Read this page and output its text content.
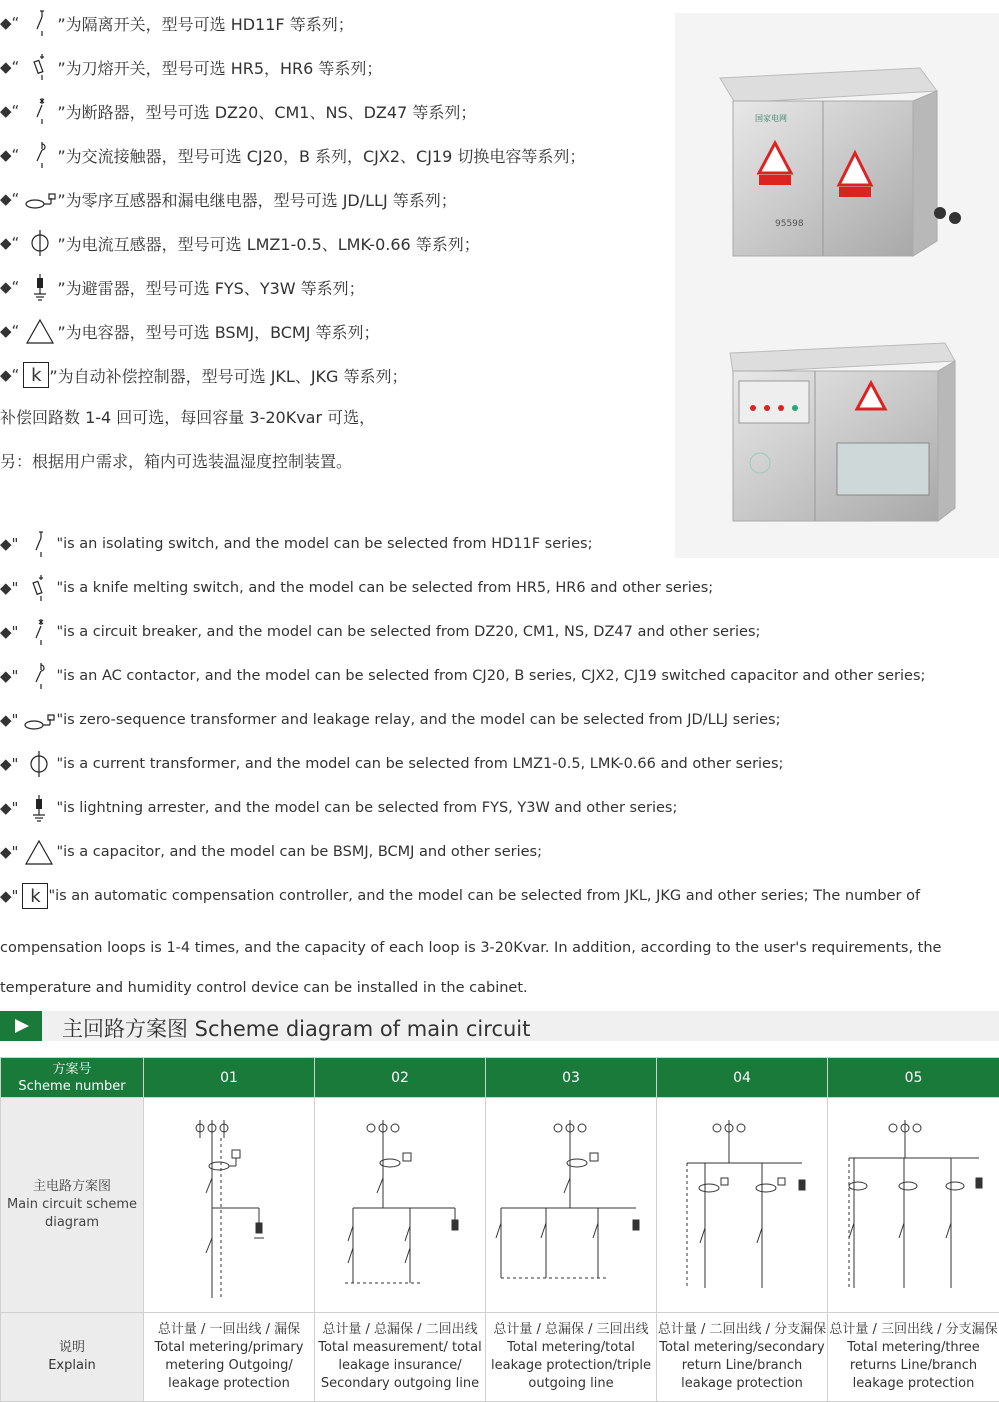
◆“ ”为隔离开关，型号可选 HD11F 等系列；
◆“ ”为刀熔开关，型号可选 HR5，HR6 等系列；
◆“ ”为断路器，型号可选 DZ20、CM1、NS、DZ47 等系列；
◆“ ”为交流接触器，型号可选 CJ20，B 系列，CJX2、CJ19 切换电容等系列；
◆“ ”为零序互感器和漏电继电器，型号可选 JD/LLJ 等系列；
◆“ ”为电流互感器，型号可选 LMZ1-0.5、LMK-0.66 等系列；
◆“ ”为避雷器，型号可选 FYS、Y3W 等系列；
◆“ ”为电容器，型号可选 BSMJ，BCMJ 等系列；
◆“ k ”为自动补偿控制器，型号可选 JKL、JKG 等系列；
补偿回路数 1-4 回可选，每回容量 3-20Kvar 可选，
另：根据用户需求，箱内可选装温湿度控制装置。
国家电网
95598
◆"	"is an isolating switch, and the model can be selected from HD11F series;
◆"	"is a knife melting switch, and the model can be selected from HR5, HR6 and other series;
◆"	"is a circuit breaker, and the model can be selected from DZ20, CM1, NS, DZ47 and other series;
◆"	"is an AC contactor, and the model can be selected from CJ20, B series, CJX2, CJ19 switched capacitor and other series;
◆"	"is zero-sequence transformer and leakage relay, and the model can be selected from JD/LLJ series;
◆"	"is a current transformer, and the model can be selected from LMZ1-0.5, LMK-0.66 and other series;
◆"	"is lightning arrester, and the model can be selected from FYS, Y3W and other series;
◆"	"is a capacitor, and the model can be BSMJ, BCMJ and other series;
◆" k "is an automatic compensation controller, and the model can be selected from JKL, JKG and other series; The number of
compensation loops is 1-4 times, and the capacity of each loop is 3-20Kvar. In addition, according to the user's requirements, the temperature and humidity control device can be installed in the cabinet.

主回路方案图 Scheme diagram of main circuit
方案号
Scheme number	01	02	03	04	05
主电路方案图
Main circuit scheme diagram					
说明
Explain	总计量 / 一回出线 / 漏保
Total metering/primary metering Outgoing/ leakage protection	总计量 / 总漏保 / 二回出线
Total measurement/ total leakage insurance/ Secondary outgoing line	总计量 / 总漏保 / 三回出线
Total metering/total leakage protection/triple outgoing line	总计量 / 二回出线 / 分支漏保
Total metering/secondary return Line/branch leakage protection	总计量 / 三回出线 / 分支漏保
Total metering/three returns Line/branch leakage protection
